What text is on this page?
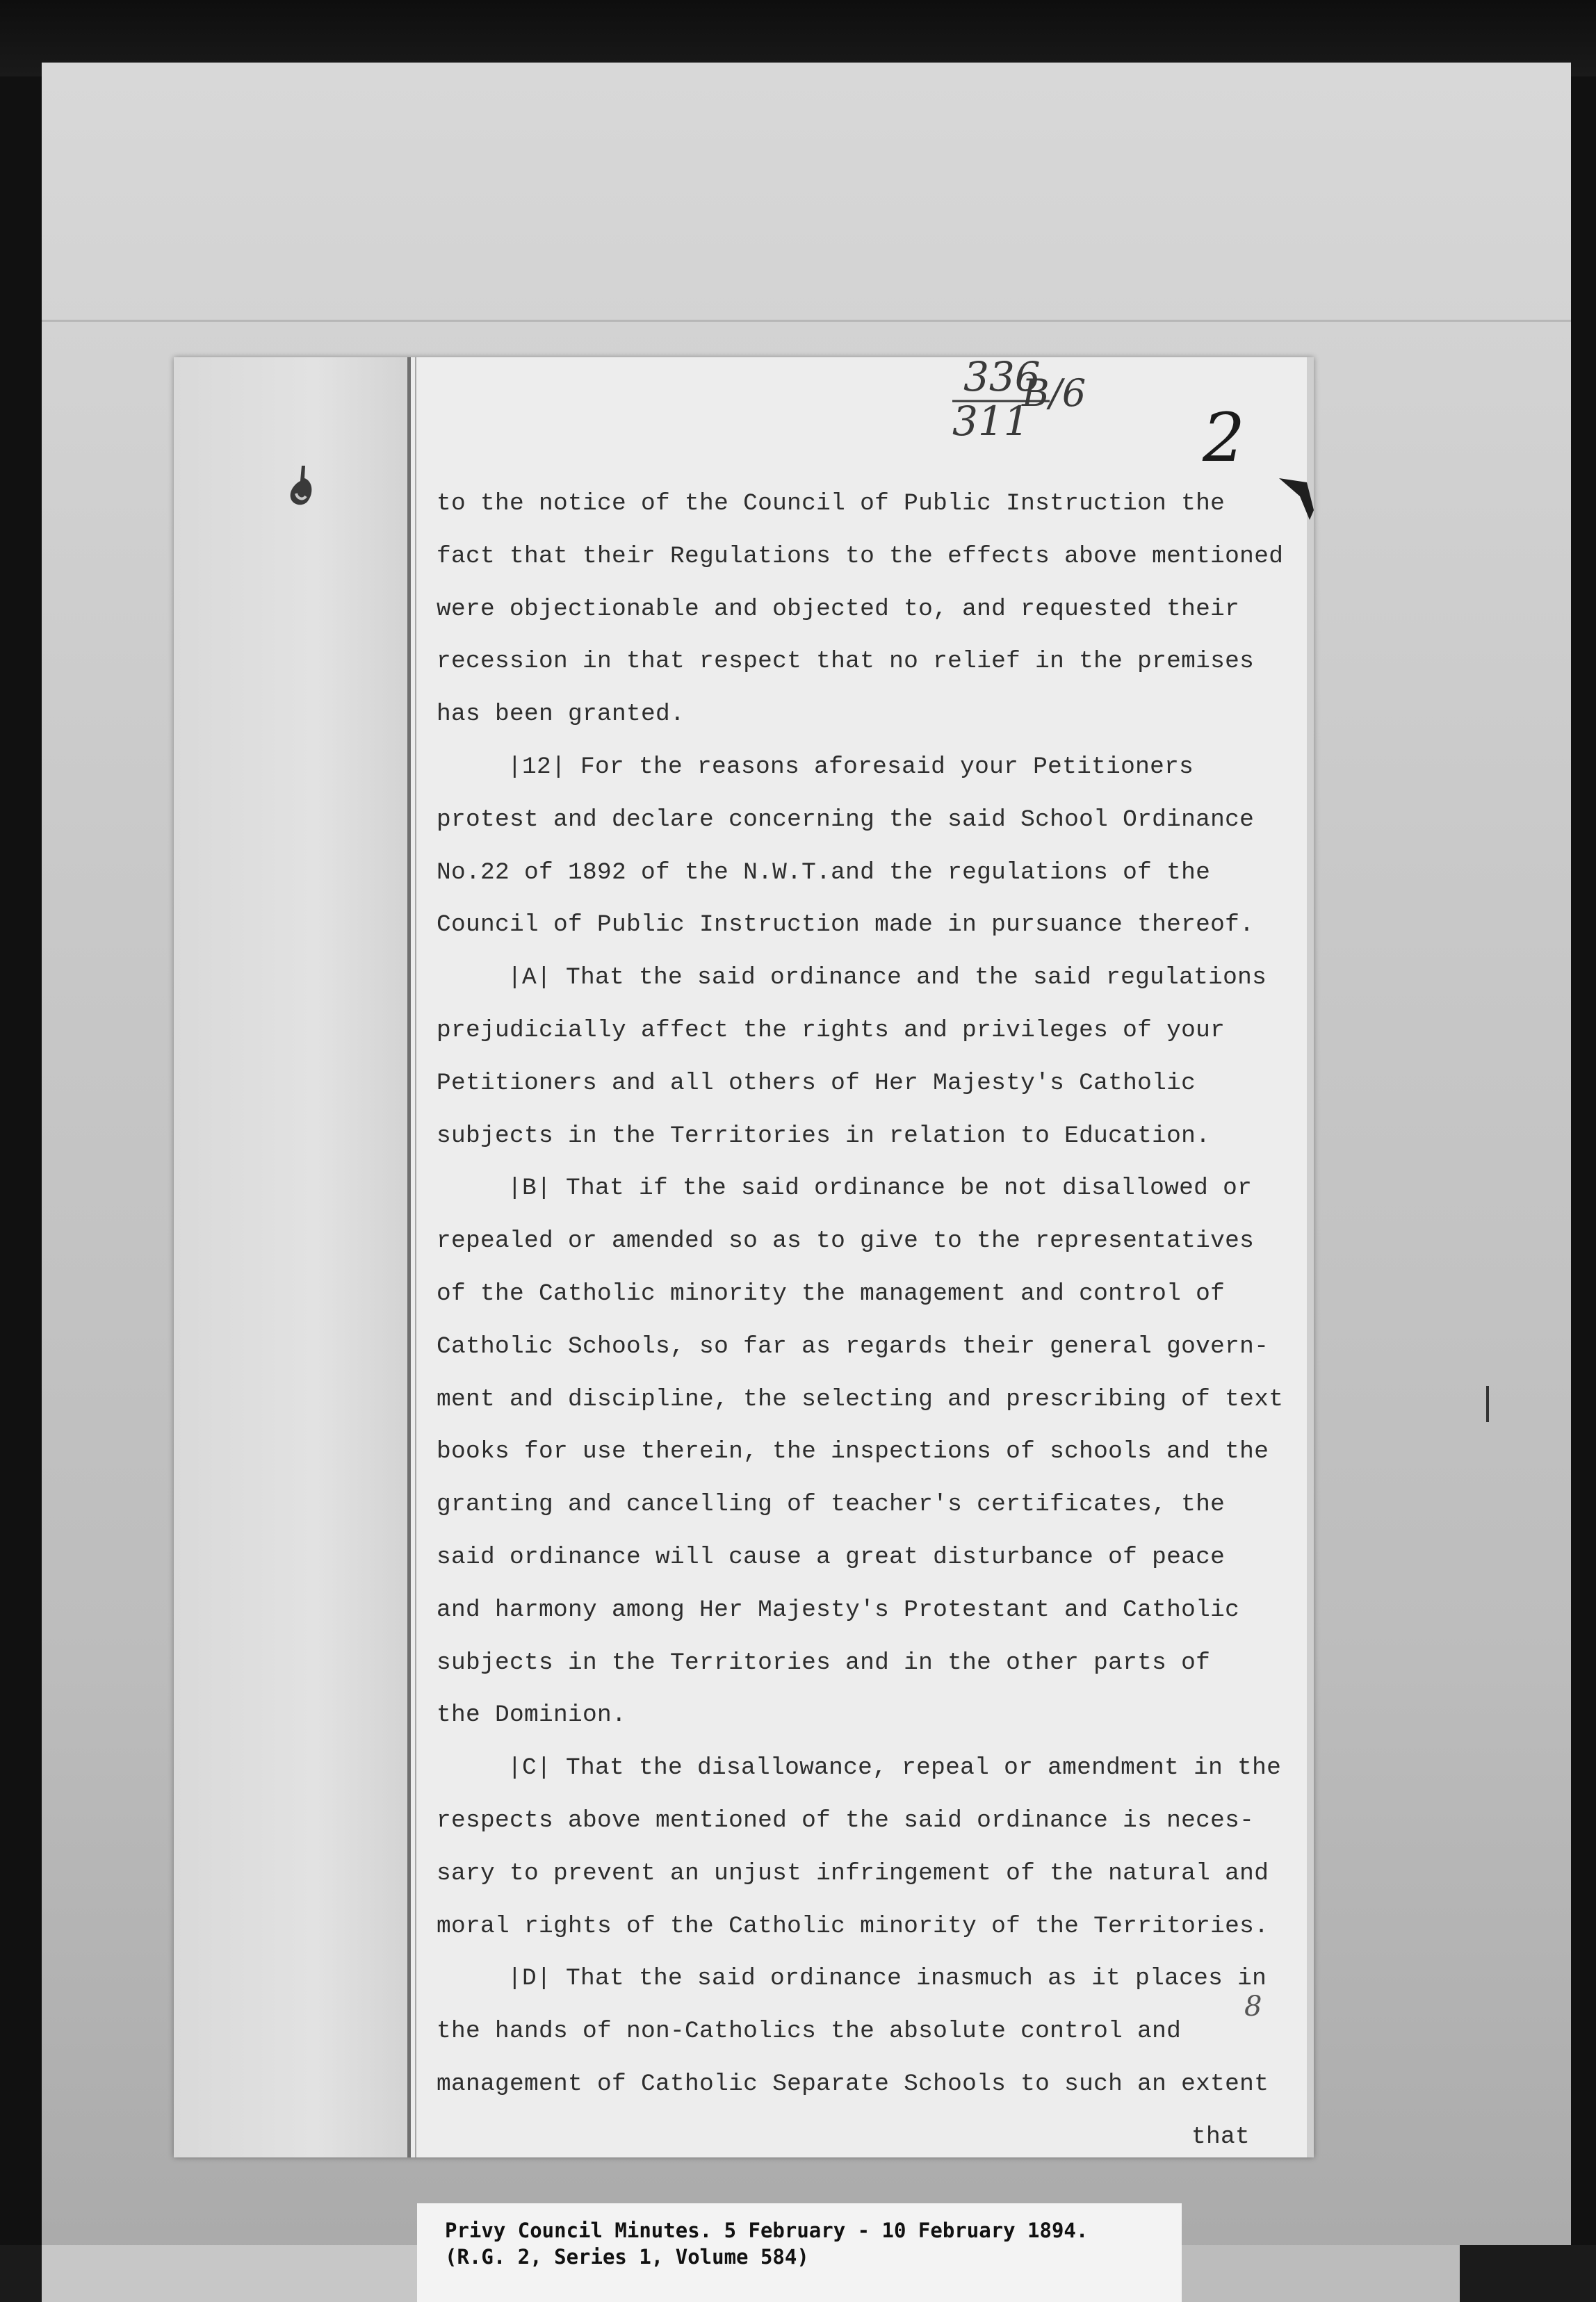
336
311
B/6
2
8
to the notice of the Council of Public Instruction the
fact that their Regulations to the effects above mentioned
were objectionable and objected to, and requested their
recession in that respect that no relief in the premises
has been granted.
|12| For the reasons aforesaid your Petitioners
protest and declare concerning the said School Ordinance
No.22 of 1892 of the N.W.T.and the regulations of the
Council of Public Instruction made in pursuance thereof.
|A| That the said ordinance and the said regulations
prejudicially affect the rights and privileges of your
Petitioners and all others of Her Majesty's Catholic
subjects in the Territories in relation to Education.
|B| That if the said ordinance be not disallowed or
repealed or amended so as to give to the representatives
of the Catholic minority the management and control of
Catholic Schools, so far as regards their general govern-
ment and discipline, the selecting and prescribing of text
books for use therein, the inspections of schools and the
granting and cancelling of teacher's certificates, the
said ordinance will cause a great disturbance of peace
and harmony among Her Majesty's Protestant and Catholic
subjects in the Territories and in the other parts of
the Dominion.
|C| That the disallowance, repeal or amendment in the
respects above mentioned of the said ordinance is neces-
sary to prevent an unjust infringement of the natural and
moral rights of the Catholic minority of the Territories.
|D| That the said ordinance inasmuch as it places in
the hands of non-Catholics the absolute control and
management of Catholic Separate Schools to such an extent
that
Privy Council Minutes. 5 February - 10 February 1894.
(R.G. 2, Series 1, Volume 584)
